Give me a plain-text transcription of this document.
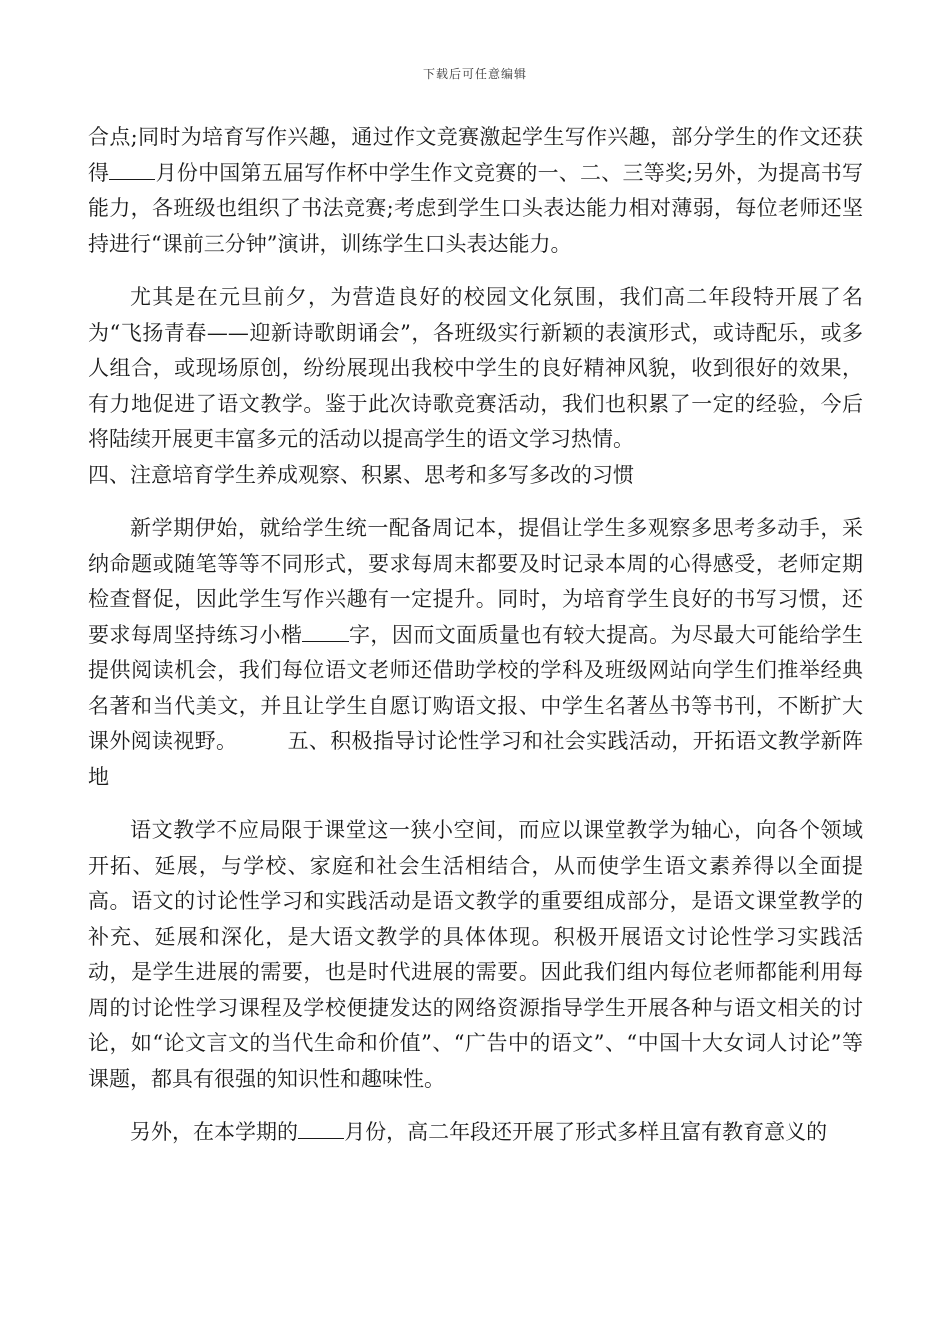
下载后可任意编辑

合点;同时为培育写作兴趣，通过作文竞赛激起学生写作兴趣，部分学生的作文还获得 月份中国第五届写作杯中学生作文竞赛的一、二、三等奖;另外，为提高书写能力，各班级也组织了书法竞赛;考虑到学生口头表达能力相对薄弱，每位老师还坚持进行“课前三分钟”演讲，训练学生口头表达能力。

尤其是在元旦前夕，为营造良好的校园文化氛围，我们高二年段特开展了名为“飞扬青春——迎新诗歌朗诵会”，各班级实行新颖的表演形式，或诗配乐，或多人组合，或现场原创，纷纷展现出我校中学生的良好精神风貌，收到很好的效果，有力地促进了语文教学。鉴于此次诗歌竞赛活动，我们也积累了一定的经验，今后将陆续开展更丰富多元的活动以提高学生的语文学习热情。

四、注意培育学生养成观察、积累、思考和多写多改的习惯

新学期伊始，就给学生统一配备周记本，提倡让学生多观察多思考多动手，采纳命题或随笔等等不同形式，要求每周末都要及时记录本周的心得感受，老师定期检查督促，因此学生写作兴趣有一定提升。同时，为培育学生良好的书写习惯，还要求每周坚持练习小楷 字，因而文面质量也有较大提高。为尽最大可能给学生提供阅读机会，我们每位语文老师还借助学校的学科及班级网站向学生们推举经典名著和当代美文，并且让学生自愿订购语文报、中学生名著丛书等书刊，不断扩大课外阅读视野。 五、积极指导讨论性学习和社会实践活动，开拓语文教学新阵地

语文教学不应局限于课堂这一狭小空间，而应以课堂教学为轴心，向各个领域开拓、延展，与学校、家庭和社会生活相结合，从而使学生语文素养得以全面提高。语文的讨论性学习和实践活动是语文教学的重要组成部分，是语文课堂教学的补充、延展和深化，是大语文教学的具体体现。积极开展语文讨论性学习实践活动，是学生进展的需要，也是时代进展的需要。因此我们组内每位老师都能利用每周的讨论性学习课程及学校便捷发达的网络资源指导学生开展各种与语文相关的讨论，如“论文言文的当代生命和价值”、“广告中的语文”、“中国十大女词人讨论”等课题，都具有很强的知识性和趣味性。

另外，在本学期的 月份，高二年段还开展了形式多样且富有教育意义的
